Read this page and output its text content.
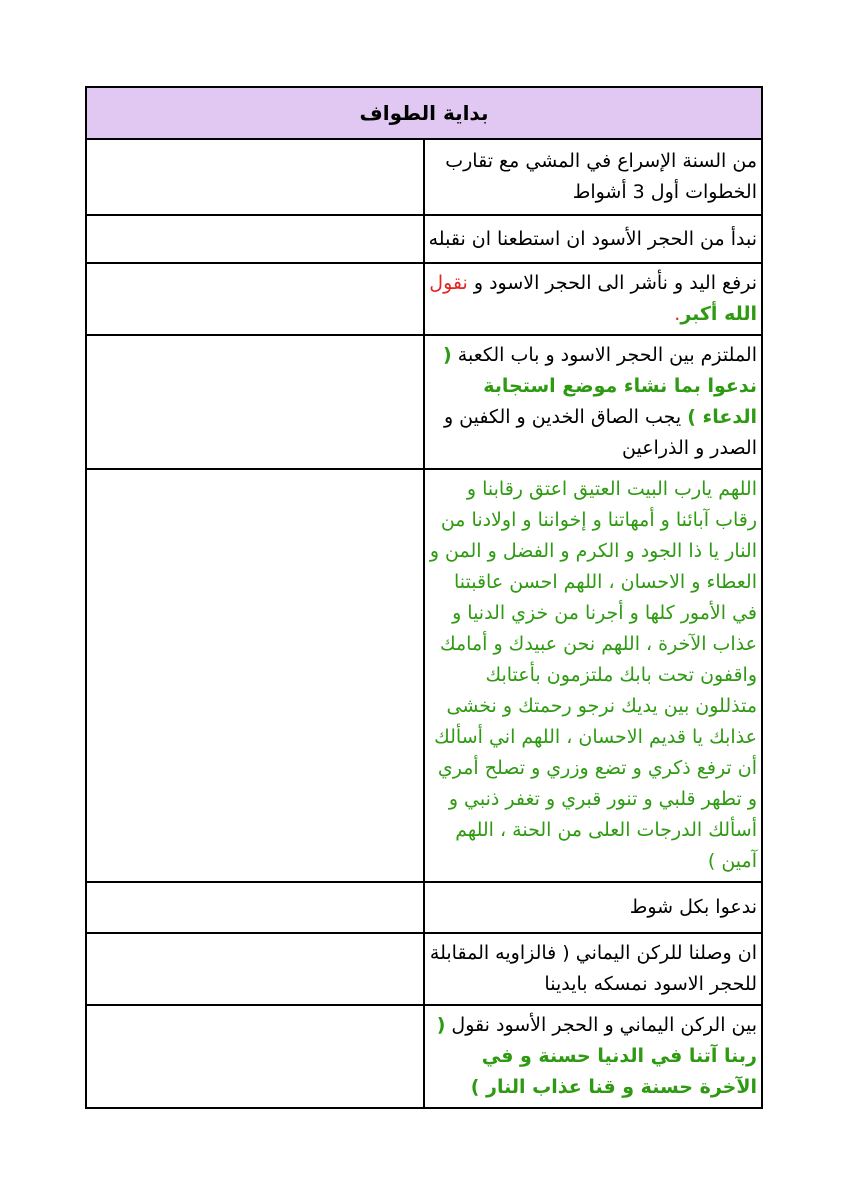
بداية الطواف	
من السنة الإسراع في المشي مع تقارب الخطوات أول 3 أشواط	
نبدأ من الحجر الأسود ان استطعنا ان نقبله	
نرفع اليد و نأشر الى الحجر الاسود و نقول الله أكبر.	
الملتزم بين الحجر الاسود و باب الكعبة ( ندعوا بما نشاء موضع استجابة الدعاء ) يجب الصاق الخدين و الكفين و الصدر و الذراعين	
اللهم يارب البيت العتيق اعتق رقابنا و رقاب آبائنا و أمهاتنا و إخواننا و اولادنا من النار يا ذا الجود و الكرم و الفضل و المن و العطاء و الاحسان ، اللهم احسن عاقبتنا في الأمور كلها و أجرنا من خزي الدنيا و عذاب الآخرة ، اللهم نحن عبيدك و أمامك واقفون تحت بابك ملتزمون بأعتابك متذللون بين يديك نرجو رحمتك و نخشى عذابك يا قديم الاحسان ، اللهم اني أسألك أن ترفع ذكري و تضع وزري و تصلح أمري و تطهر قلبي و تنور قبري و تغفر ذنبي و أسألك الدرجات العلى من الحنة ، اللهم آمين )	
ندعوا بكل شوط	
ان وصلنا للركن اليماني ( فالزاويه المقابلة للحجر الاسود نمسكه بايدينا	
بين الركن اليماني و الحجر الأسود نقول ( ربنا آتنا في الدنيا حسنة و في الآخرة حسنة و قنا عذاب النار )	
